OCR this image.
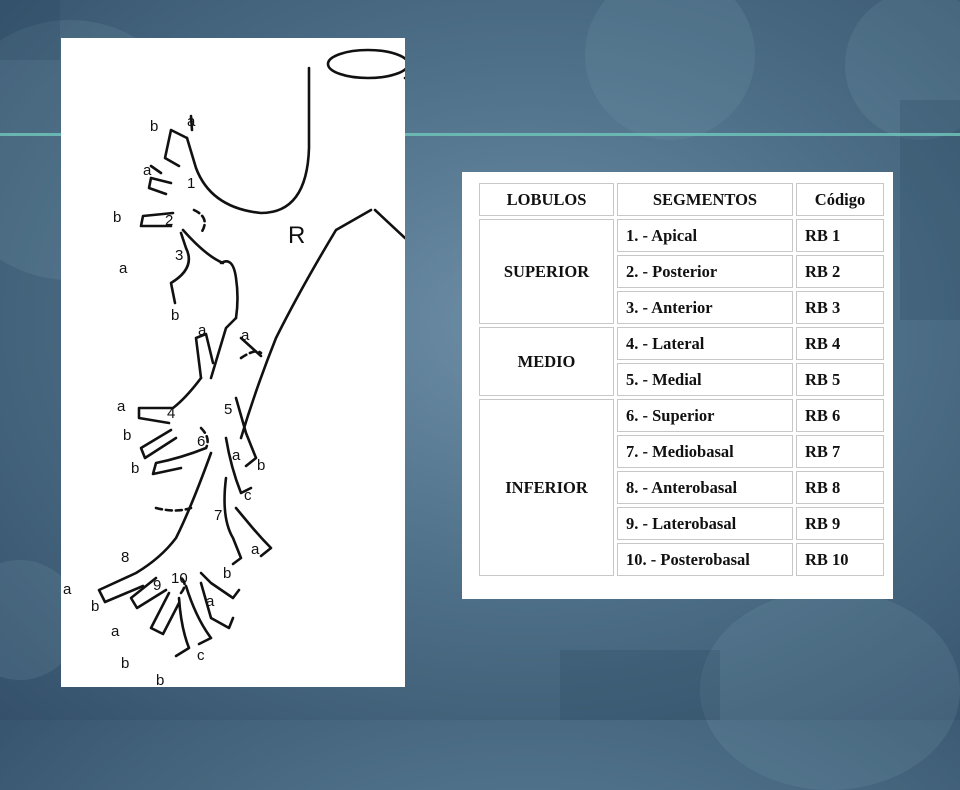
R
1
2
3
4	5
6
7
8
9 10
a
b
a
b
a
b
a a
a
b
b
a
b
c
a
b
a
b
a
b
b
c
a
LOBULOS	SEGMENTOS	Código
SUPERIOR	1. - Apical	RB 1
	2. - Posterior	RB 2
	3. - Anterior	RB 3
MEDIO	4. - Lateral	RB 4
	5. - Medial	RB 5
INFERIOR	6. - Superior	RB 6
	7. - Mediobasal	RB 7
	8. - Anterobasal	RB 8
	9. - Laterobasal	RB 9
	10. - Posterobasal	RB 10
